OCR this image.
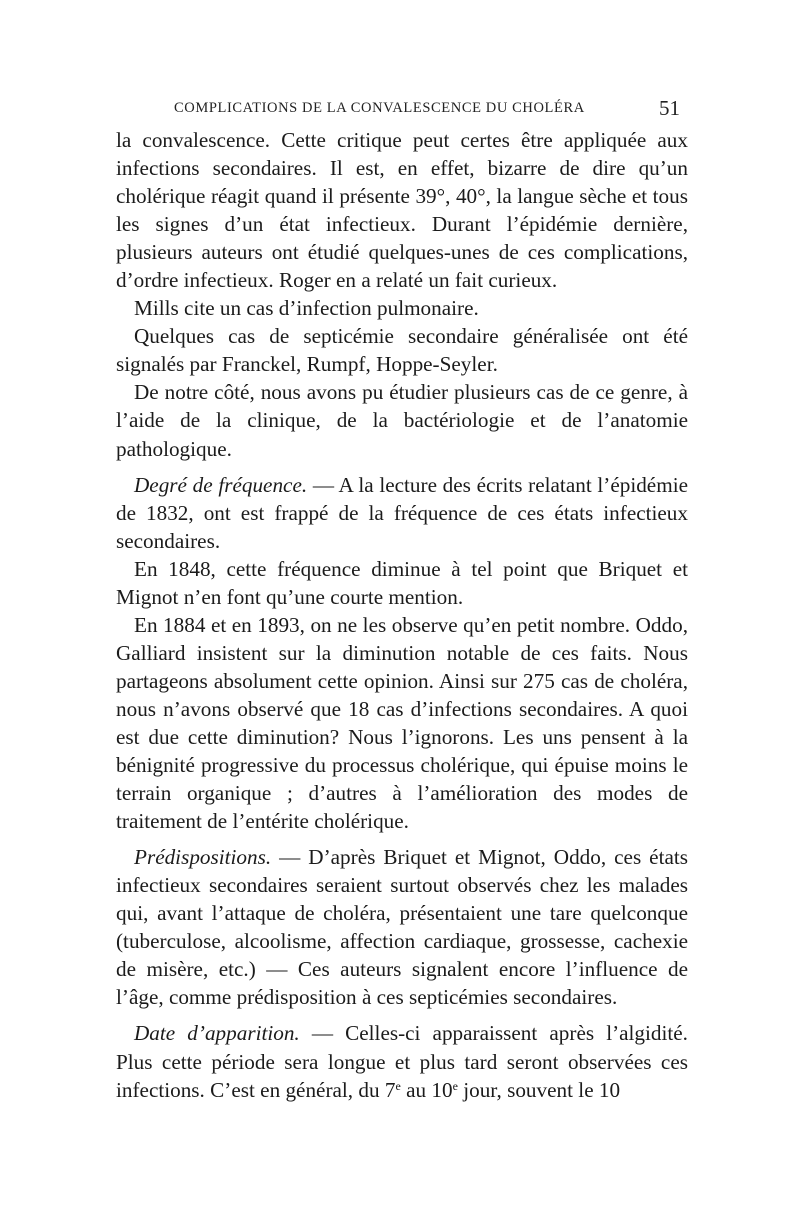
COMPLICATIONS DE LA CONVALESCENCE DU CHOLÉRA	51

la convalescence. Cette critique peut certes être appliquée aux infections secondaires. Il est, en effet, bizarre de dire qu’un cholérique réagit quand il présente 39°, 40°, la langue sèche et tous les signes d’un état infectieux. Durant l’épidémie dernière, plusieurs auteurs ont étudié quelques-unes de ces complications, d’ordre infectieux. Roger en a relaté un fait curieux.

Mills cite un cas d’infection pulmonaire.

Quelques cas de septicémie secondaire généralisée ont été signalés par Franckel, Rumpf, Hoppe-Seyler.

De notre côté, nous avons pu étudier plusieurs cas de ce genre, à l’aide de la clinique, de la bactériologie et de l’anatomie pathologique.

Degré de fréquence. — A la lecture des écrits relatant l’épidémie de 1832, ont est frappé de la fréquence de ces états infectieux secondaires.

En 1848, cette fréquence diminue à tel point que Briquet et Mignot n’en font qu’une courte mention.

En 1884 et en 1893, on ne les observe qu’en petit nombre. Oddo, Galliard insistent sur la diminution notable de ces faits. Nous partageons absolument cette opinion. Ainsi sur 275 cas de choléra, nous n’avons observé que 18 cas d’infections secondaires. A quoi est due cette diminution? Nous l’ignorons. Les uns pensent à la bénignité progressive du processus cholérique, qui épuise moins le terrain organique ; d’autres à l’amélioration des modes de traitement de l’entérite cholérique.

Prédispositions. — D’après Briquet et Mignot, Oddo, ces états infectieux secondaires seraient surtout observés chez les malades qui, avant l’attaque de choléra, présentaient une tare quelconque (tuberculose, alcoolisme, affection cardiaque, grossesse, cachexie de misère, etc.) — Ces auteurs signalent encore l’influence de l’âge, comme prédisposition à ces septicémies secondaires.

Date d’apparition. — Celles-ci apparaissent après l’algidité. Plus cette période sera longue et plus tard seront observées ces infections. C’est en général, du 7e au 10e jour, souvent le 10
